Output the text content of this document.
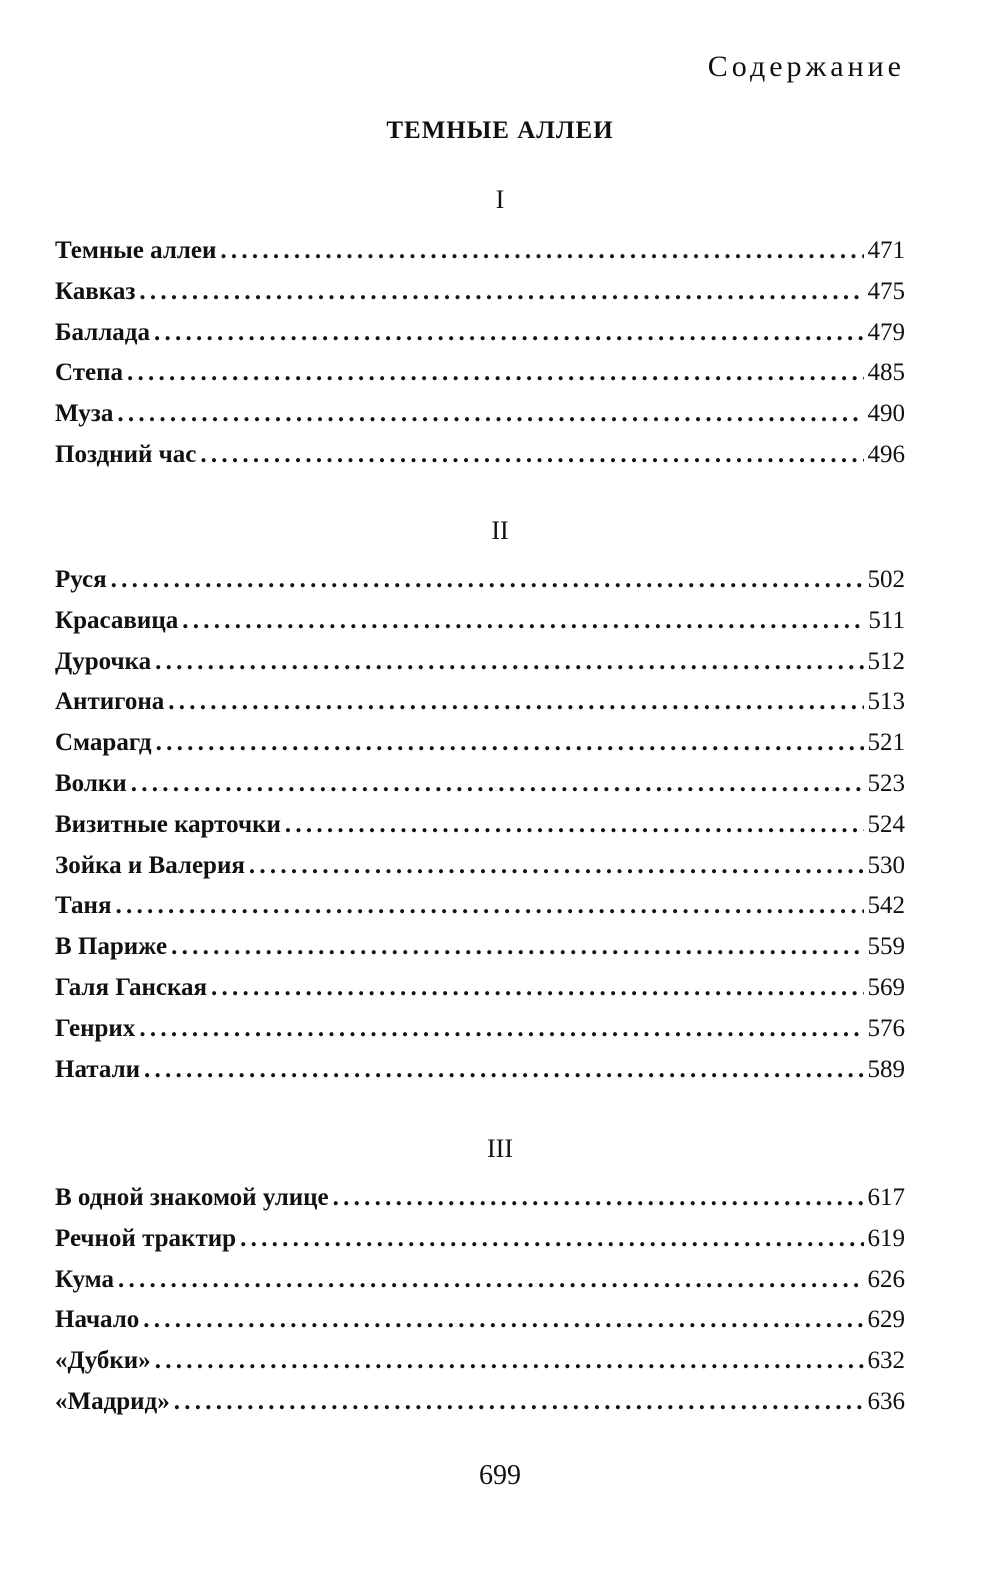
Содержание
ТЕМНЫЕ АЛЛЕИ
I
Темные аллеи . . .	471
Кавказ . . .	475
Баллада . . .	479
Степа . . .	485
Муза . . .	490
Поздний час . . .	496
II
Руся . . .	502
Красавица . . .	511
Дурочка . . .	512
Антигона . . .	513
Смарагд . . .	521
Волки . . .	523
Визитные карточки . . .	524
Зойка и Валерия . . .	530
Таня . . .	542
В Париже . . .	559
Галя Ганская . . .	569
Генрих . . .	576
Натали . . .	589
III
В одной знакомой улице . . .	617
Речной трактир . . .	619
Кума . . .	626
Начало . . .	629
«Дубки» . . .	632
«Мадрид» . . .	636
699
